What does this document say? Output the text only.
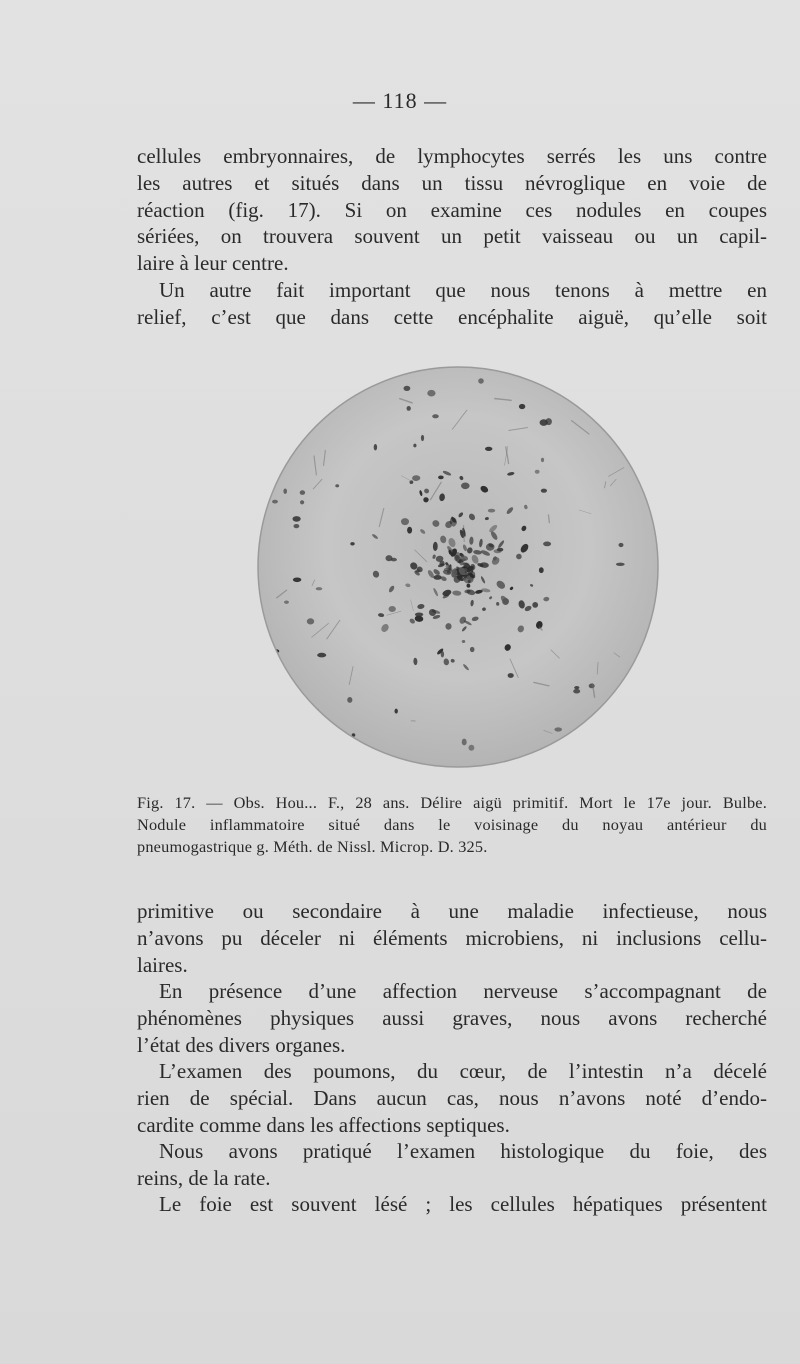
— 118 —

cellules embryonnaires, de lymphocytes serrés les uns contre
les autres et situés dans un tissu névroglique en voie de
réaction (fig. 17). Si on examine ces nodules en coupes
sériées, on trouvera souvent un petit vaisseau ou un capil-
laire à leur centre.

Un autre fait important que nous tenons à mettre en
relief, c’est que dans cette encéphalite aiguë, qu’elle soit

Fig. 17. — Obs. Hou... F., 28 ans. Délire aigü primitif. Mort le 17e jour. Bulbe.
Nodule inflammatoire situé dans le voisinage du noyau antérieur du
pneumogastrique g. Méth. de Nissl. Microp. D. 325.

primitive ou secondaire à une maladie infectieuse, nous
n’avons pu déceler ni éléments microbiens, ni inclusions cellu-
laires.

En présence d’une affection nerveuse s’accompagnant de
phénomènes physiques aussi graves, nous avons recherché
l’état des divers organes.

L’examen des poumons, du cœur, de l’intestin n’a décelé
rien de spécial. Dans aucun cas, nous n’avons noté d’endo-
cardite comme dans les affections septiques.

Nous avons pratiqué l’examen histologique du foie, des
reins, de la rate.

Le foie est souvent lésé ; les cellules hépatiques présentent
